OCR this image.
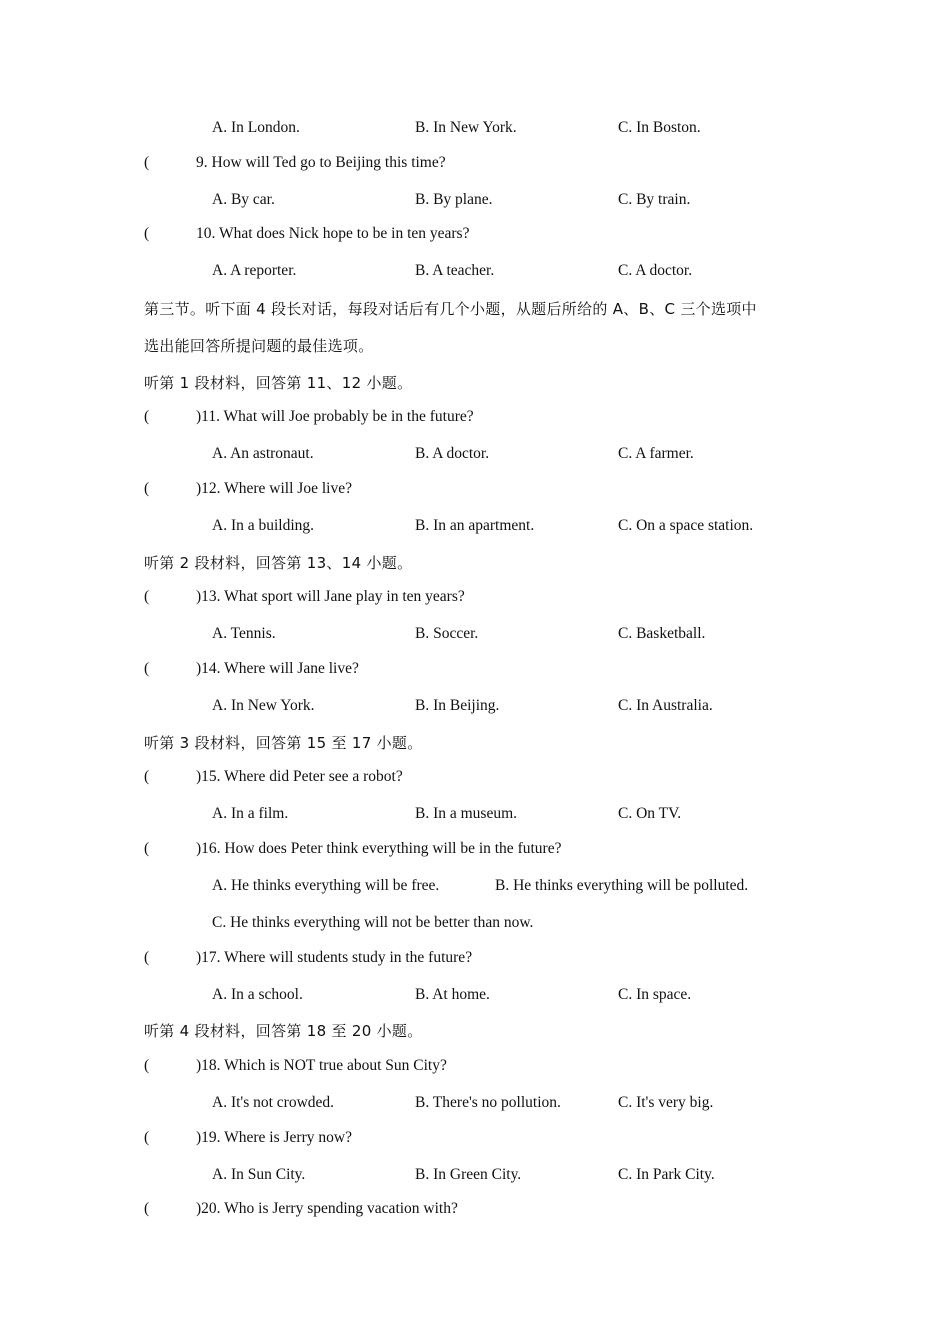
A. In London.	B. In New York.	C. In Boston.
(	9. How will Ted go to Beijing this time?
A. By car.	B. By plane.	C. By train.
(	10. What does Nick hope to be in ten years?
A. A reporter.	B. A teacher.	C. A doctor.
第三节。听下面 4 段长对话，每段对话后有几个小题，从题后所给的 A、B、C 三个选项中
选出能回答所提问题的最佳选项。
听第 1 段材料，回答第 11、12 小题。
(	)11. What will Joe probably be in the future?
A. An astronaut.	B. A doctor.	C. A farmer.
(	)12. Where will Joe live?
A. In a building.	B. In an apartment.	C. On a space station.
听第 2 段材料，回答第 13、14 小题。
(	)13. What sport will Jane play in ten years?
A. Tennis.	B. Soccer.	C. Basketball.
(	)14. Where will Jane live?
A. In New York.	B. In Beijing.	C. In Australia.
听第 3 段材料，回答第 15 至 17 小题。
(	)15. Where did Peter see a robot?
A. In a film.	B. In a museum.	C. On TV.
(	)16. How does Peter think everything will be in the future?
A. He thinks everything will be free.	B. He thinks everything will be polluted.
C. He thinks everything will not be better than now.
(	)17. Where will students study in the future?
A. In a school.	B. At home.	C. In space.
听第 4 段材料，回答第 18 至 20 小题。
(	)18. Which is NOT true about Sun City?
A. It's not crowded.	B. There's no pollution.	C. It's very big.
(	)19. Where is Jerry now?
A. In Sun City.	B. In Green City.	C. In Park City.
(	)20. Who is Jerry spending vacation with?
